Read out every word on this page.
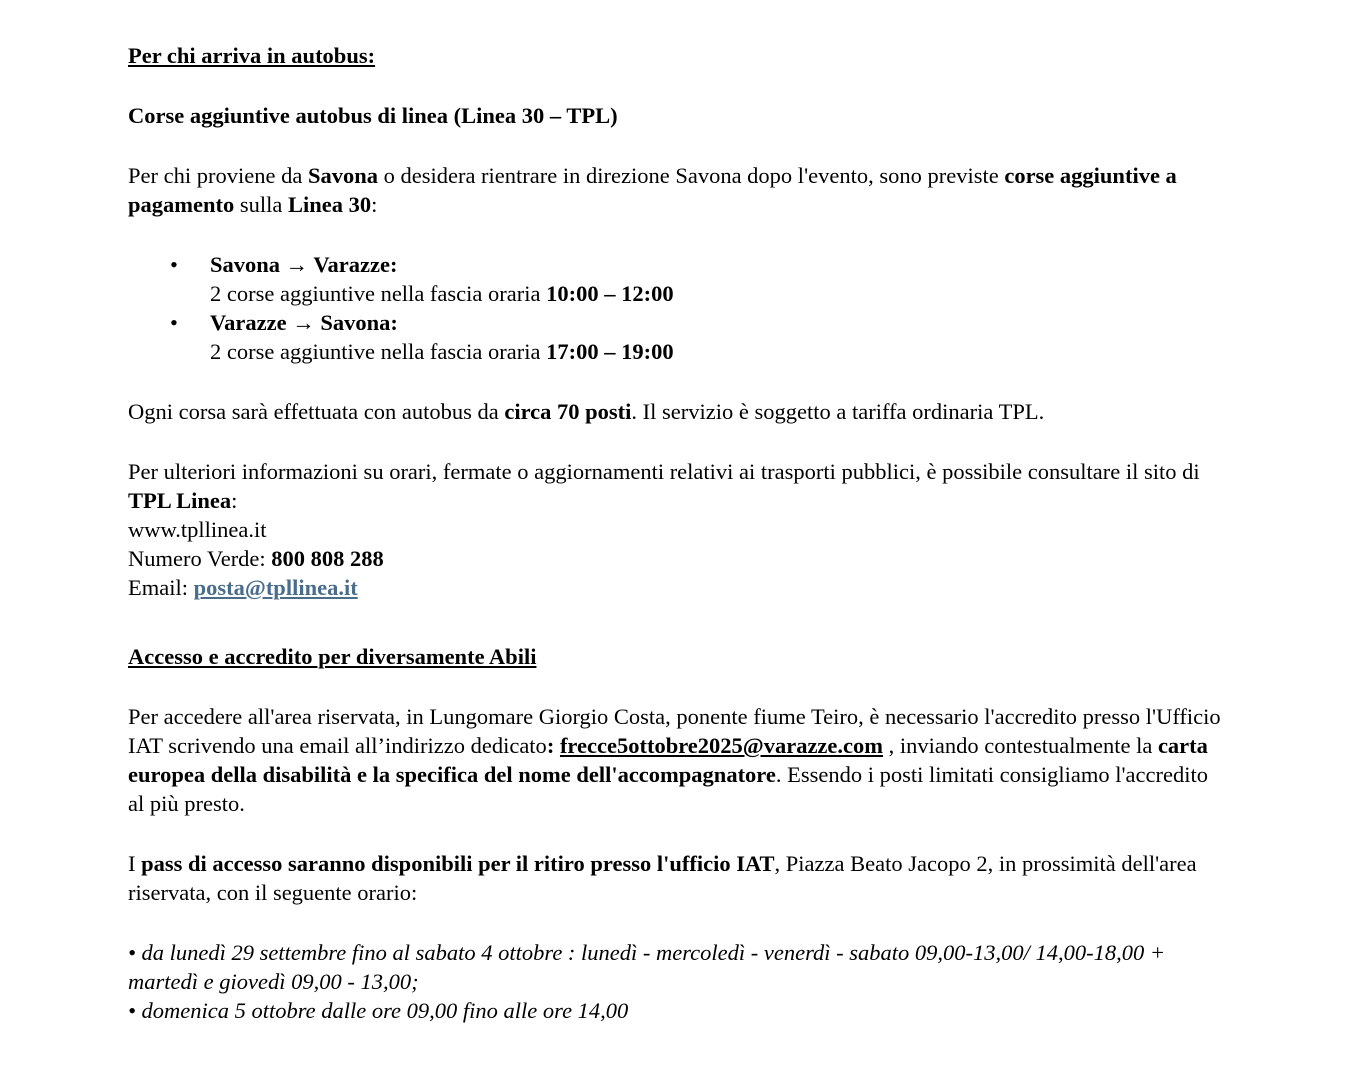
Per chi arriva in autobus:

Corse aggiuntive autobus di linea (Linea 30 – TPL)

Per chi proviene da Savona o desidera rientrare in direzione Savona dopo l'evento, sono previste corse aggiuntive a pagamento sulla Linea 30:

• Savona → Varazze:
2 corse aggiuntive nella fascia oraria 10:00 – 12:00
• Varazze → Savona:
2 corse aggiuntive nella fascia oraria 17:00 – 19:00

Ogni corsa sarà effettuata con autobus da circa 70 posti. Il servizio è soggetto a tariffa ordinaria TPL.

Per ulteriori informazioni su orari, fermate o aggiornamenti relativi ai trasporti pubblici, è possibile consultare il sito di TPL Linea:
www.tpllinea.it
Numero Verde: 800 808 288
Email: posta@tpllinea.it

Accesso e accredito per diversamente Abili

Per accedere all'area riservata, in Lungomare Giorgio Costa, ponente fiume Teiro, è necessario l'accredito presso l'Ufficio IAT scrivendo una email all’indirizzo dedicato: frecce5ottobre2025@varazze.com , inviando contestualmente la carta europea della disabilità e la specifica del nome dell'accompagnatore. Essendo i posti limitati consigliamo l'accredito al più presto.

I pass di accesso saranno disponibili per il ritiro presso l'ufficio IAT, Piazza Beato Jacopo 2, in prossimità dell'area riservata, con il seguente orario:

• da lunedì 29 settembre fino al sabato 4 ottobre : lunedì - mercoledì - venerdì - sabato 09,00-13,00/ 14,00-18,00 + martedì e giovedì 09,00 - 13,00;

• domenica 5 ottobre dalle ore 09,00 fino alle ore 14,00
